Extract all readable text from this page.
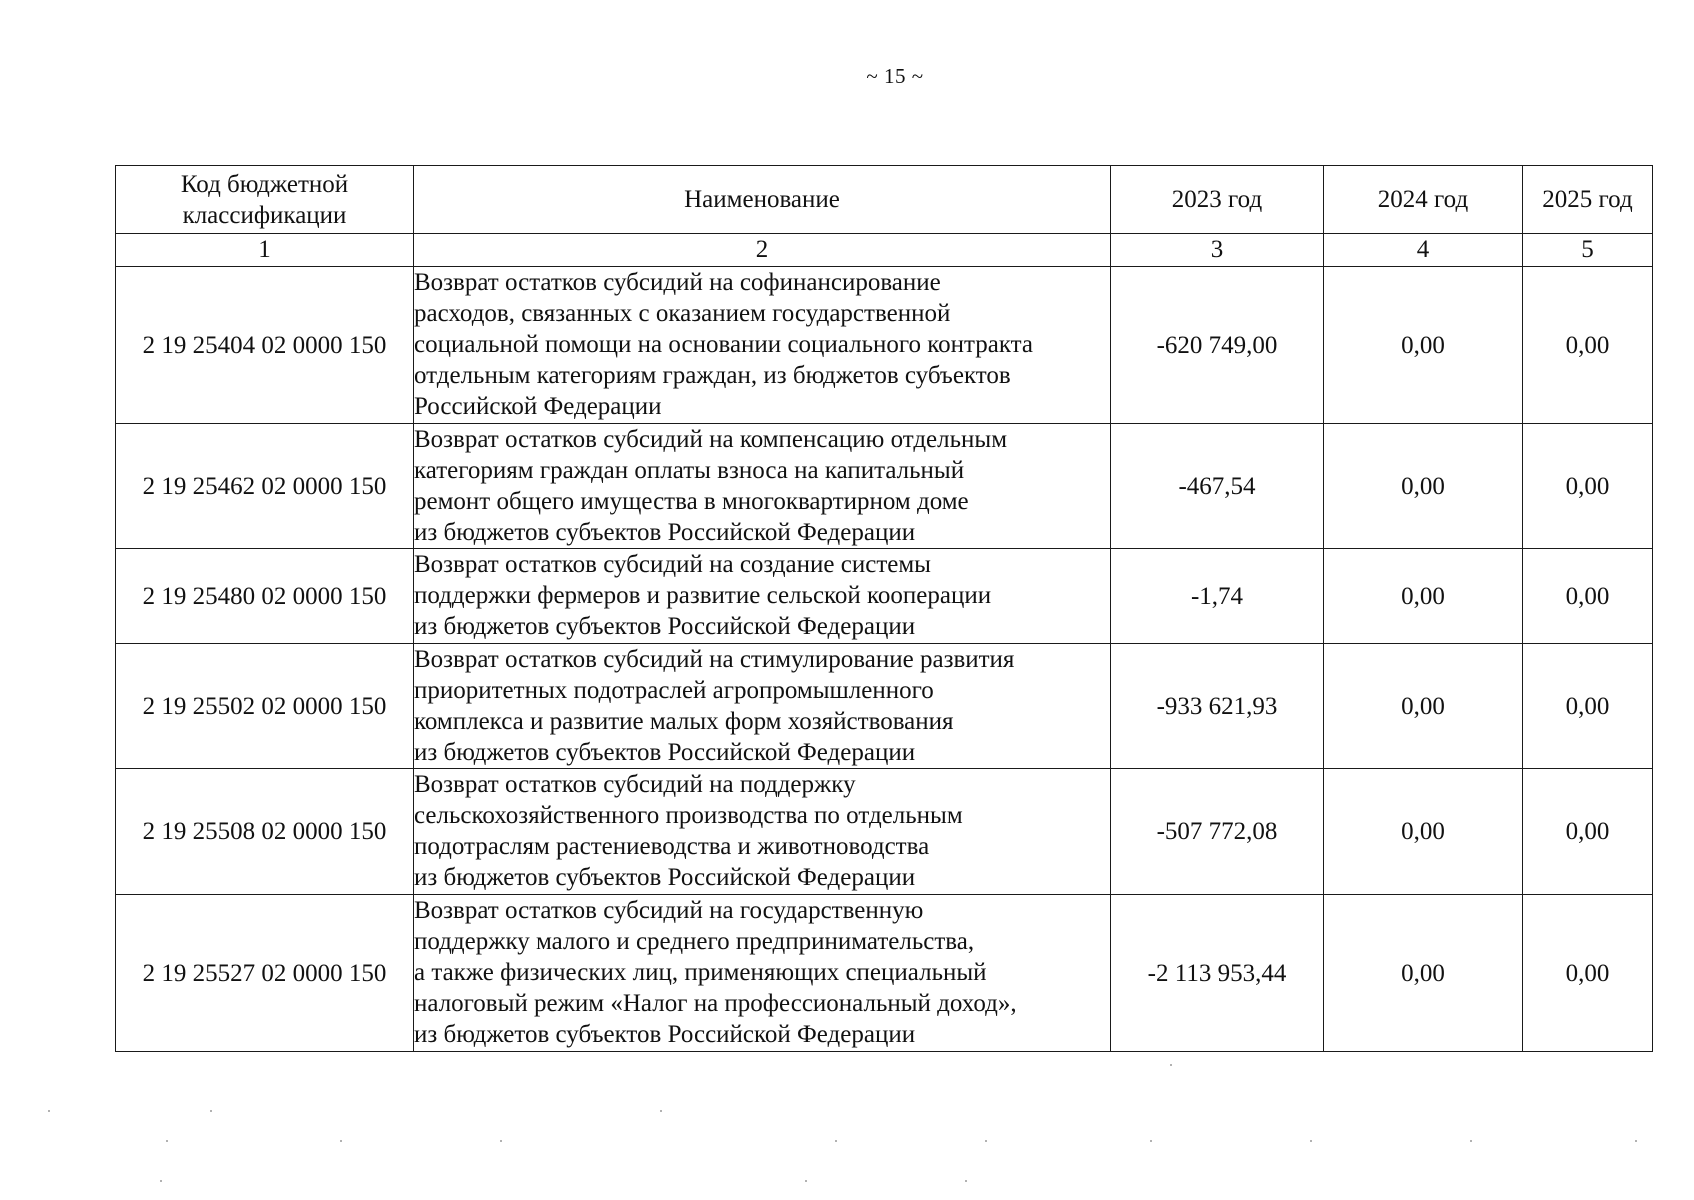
~ 15 ~
Код бюджетной
классификации	Наименование	2023 год	2024 год	2025 год
1	2	3	4	5
2 19 25404 02 0000 150	Возврат остатков субсидий на софинансирование
расходов, связанных с оказанием государственной
социальной помощи на основании социального контракта
отдельным категориям граждан, из бюджетов субъектов
Российской Федерации	-620 749,00	0,00	0,00
2 19 25462 02 0000 150	Возврат остатков субсидий на компенсацию отдельным
категориям граждан оплаты взноса на капитальный
ремонт общего имущества в многоквартирном доме
из бюджетов субъектов Российской Федерации	-467,54	0,00	0,00
2 19 25480 02 0000 150	Возврат остатков субсидий на создание системы
поддержки фермеров и развитие сельской кооперации
из бюджетов субъектов Российской Федерации	-1,74	0,00	0,00
2 19 25502 02 0000 150	Возврат остатков субсидий на стимулирование развития
приоритетных подотраслей агропромышленного
комплекса и развитие малых форм хозяйствования
из бюджетов субъектов Российской Федерации	-933 621,93	0,00	0,00
2 19 25508 02 0000 150	Возврат остатков субсидий на поддержку
сельскохозяйственного производства по отдельным
подотраслям растениеводства и животноводства
из бюджетов субъектов Российской Федерации	-507 772,08	0,00	0,00
2 19 25527 02 0000 150	Возврат остатков субсидий на государственную
поддержку малого и среднего предпринимательства,
а также физических лиц, применяющих специальный
налоговый режим «Налог на профессиональный доход»,
из бюджетов субъектов Российской Федерации	-2 113 953,44	0,00	0,00
